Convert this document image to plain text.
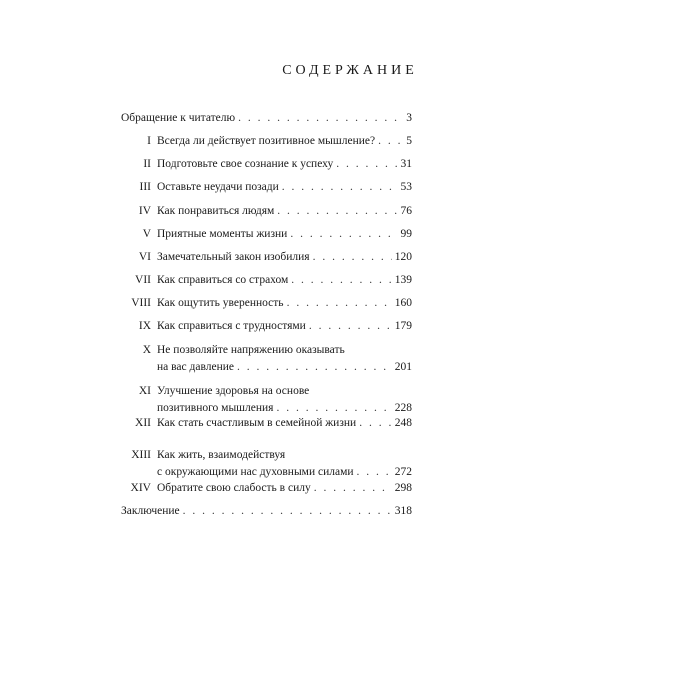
СОДЕРЖАНИЕ
Обращение к читателю . . .	3
I Всегда ли действует позитивное мышление? . . .	5
II Подготовьте свое сознание к успеху . . .	31
III Оставьте неудачи позади . . .	53
IV Как понравиться людям . . .	76
V Приятные моменты жизни . . .	99
VI Замечательный закон изобилия . . .	120
VII Как справиться со страхом . . .	139
VIII Как ощутить уверенность . . .	160
IX Как справиться с трудностями . . .	179
X Не позволяйте напряжению оказывать
на вас давление . . .	201
XI Улучшение здоровья на основе
позитивного мышления . . .	228
XII Как стать счастливым в семейной жизни . . .	248
XIII Как жить, взаимодействуя
с окружающими нас духовными силами . . .	272
XIV Обратите свою слабость в силу . . .	298
Заключение . . .	318
